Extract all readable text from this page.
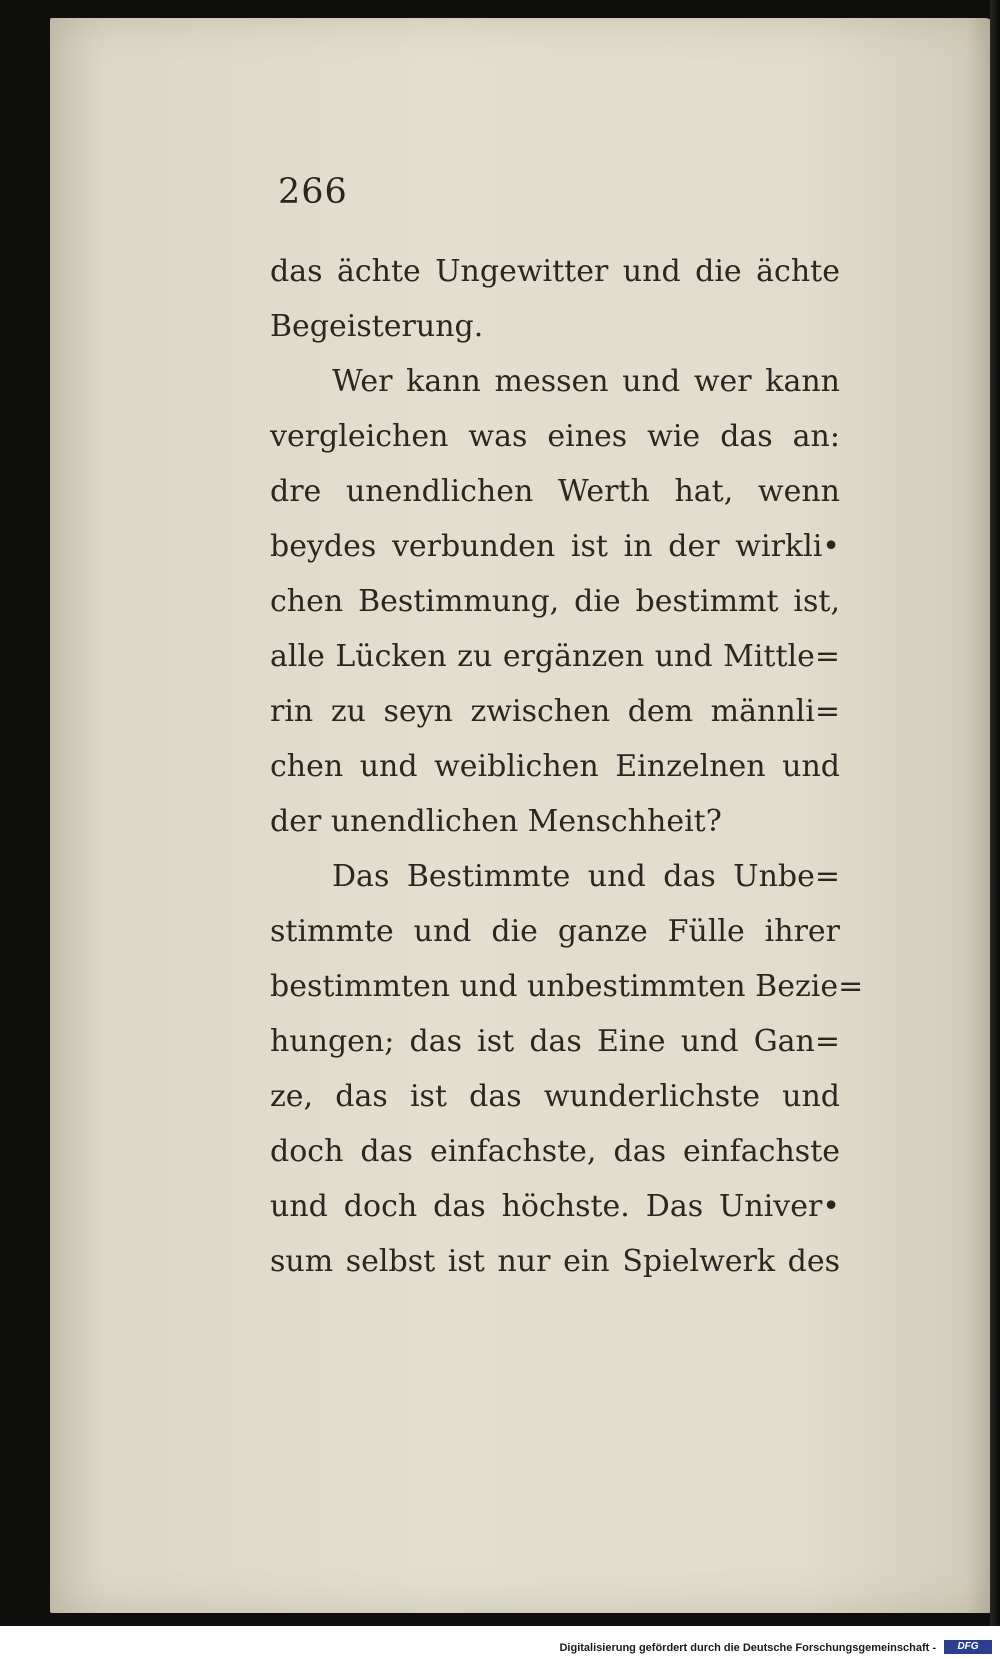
266
das ächte Ungewitter und die ächte
Begeisterung.
Wer kann messen und wer kann
vergleichen was eines wie das an:
dre unendlichen Werth hat, wenn
beydes verbunden ist in der wirkli•
chen Bestimmung, die bestimmt ist,
alle Lücken zu ergänzen und Mittle=
rin zu seyn zwischen dem männli=
chen und weiblichen Einzelnen und
der unendlichen Menschheit?
Das Bestimmte und das Unbe=
stimmte und die ganze Fülle ihrer
bestimmten und unbestimmten Bezie=
hungen; das ist das Eine und Gan=
ze, das ist das wunderlichste und
doch das einfachste, das einfachste
und doch das höchste. Das Univer•
sum selbst ist nur ein Spielwerk des
Digitalisierung gefördert durch die Deutsche Forschungsgemeinschaft -	DFG
